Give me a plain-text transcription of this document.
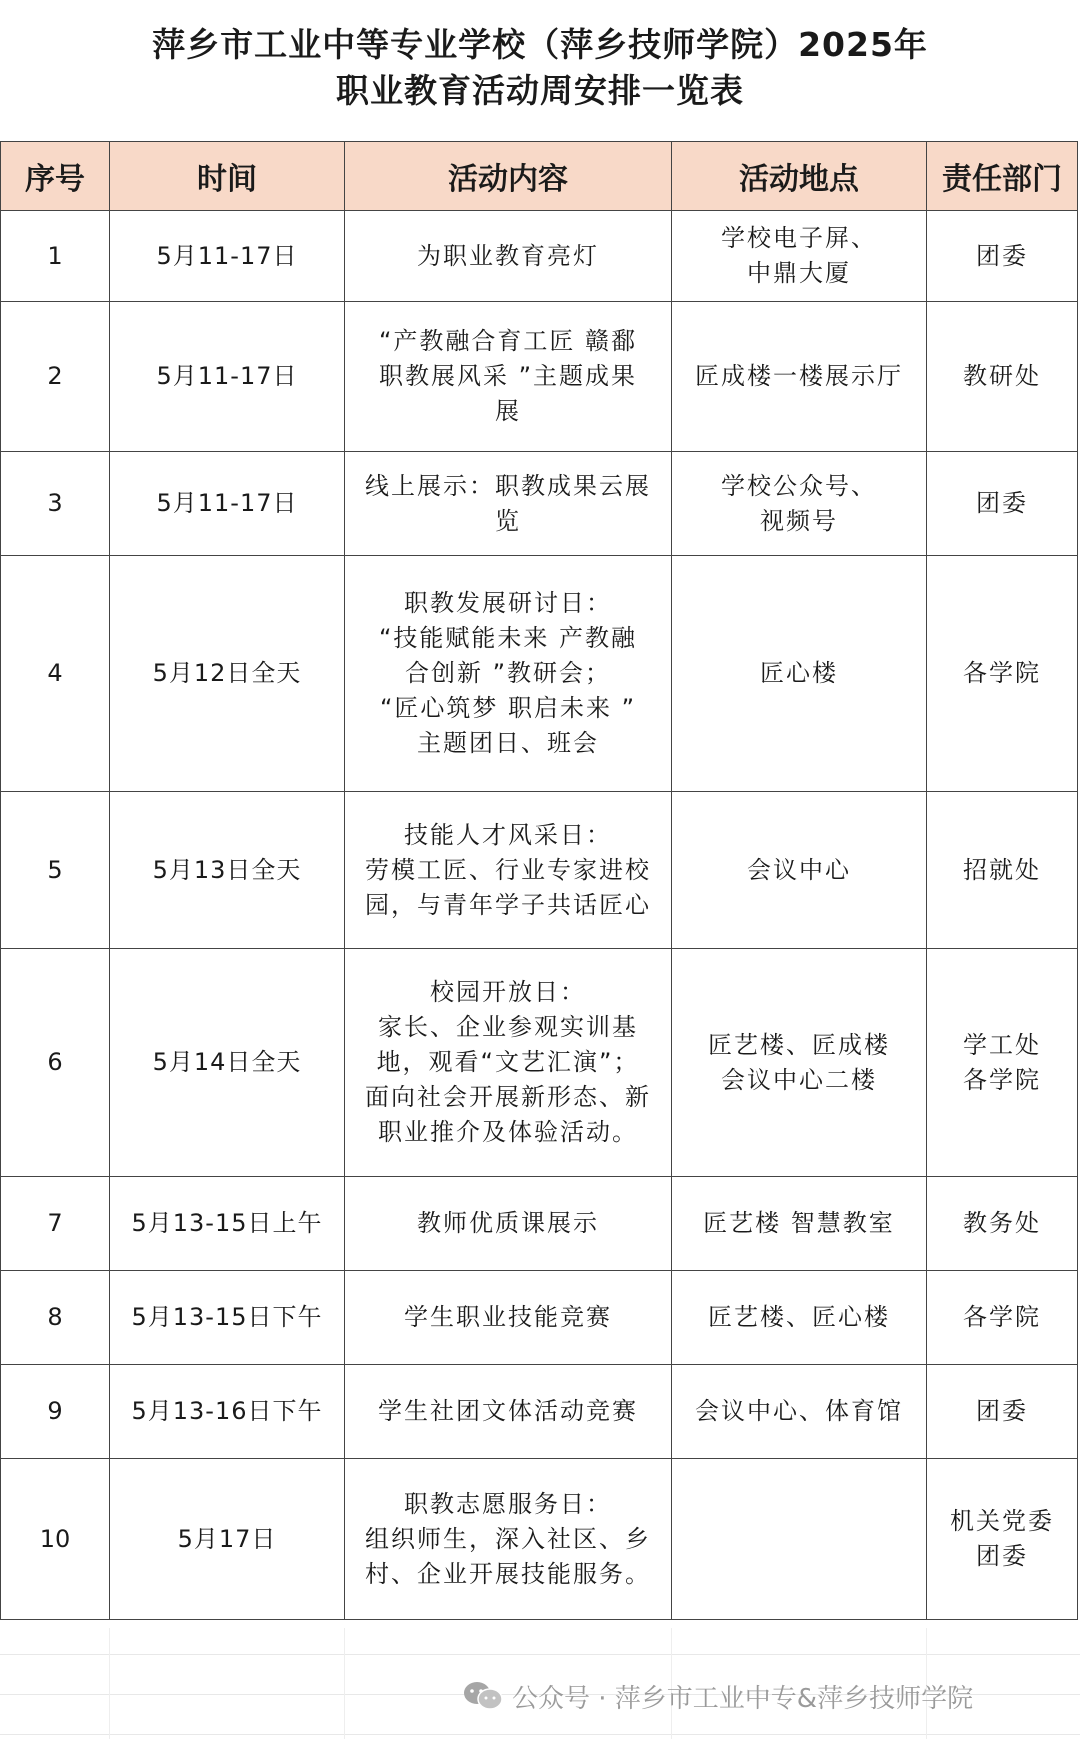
萍乡市工业中等专业学校（萍乡技师学院）2025年
职业教育活动周安排一览表
序号	时间	活动内容	活动地点	责任部门
1	5月11-17日	为职业教育亮灯	学校电子屏、
中鼎大厦	团委

2	5月11-17日	“产教融合育工匠 赣鄱
职教展风采 ”主题成果
展	匠成楼一楼展示厅	教研处

3	5月11-17日	线上展示：职教成果云展
览	学校公众号、
视频号	团委

4	5月12日全天	职教发展研讨日：
“技能赋能未来 产教融
合创新 ”教研会；
“匠心筑梦 职启未来 ”
主题团日、班会	匠心楼	各学院

5	5月13日全天	技能人才风采日：
劳模工匠、行业专家进校
园，与青年学子共话匠心	会议中心	招就处

6	5月14日全天	校园开放日：
家长、企业参观实训基
地，观看“文艺汇演”；
面向社会开展新形态、新
职业推介及体验活动。	匠艺楼、匠成楼
会议中心二楼	学工处
各学院

7	5月13-15日上午	教师优质课展示	匠艺楼 智慧教室	教务处

8	5月13-15日下午	学生职业技能竞赛	匠艺楼、匠心楼	各学院

9	5月13-16日下午	学生社团文体活动竞赛	会议中心、体育馆	团委

10	5月17日	职教志愿服务日：
组织师生，深入社区、乡
村、企业开展技能服务。		机关党委
团委
公众号 · 萍乡市工业中专&萍乡技师学院
